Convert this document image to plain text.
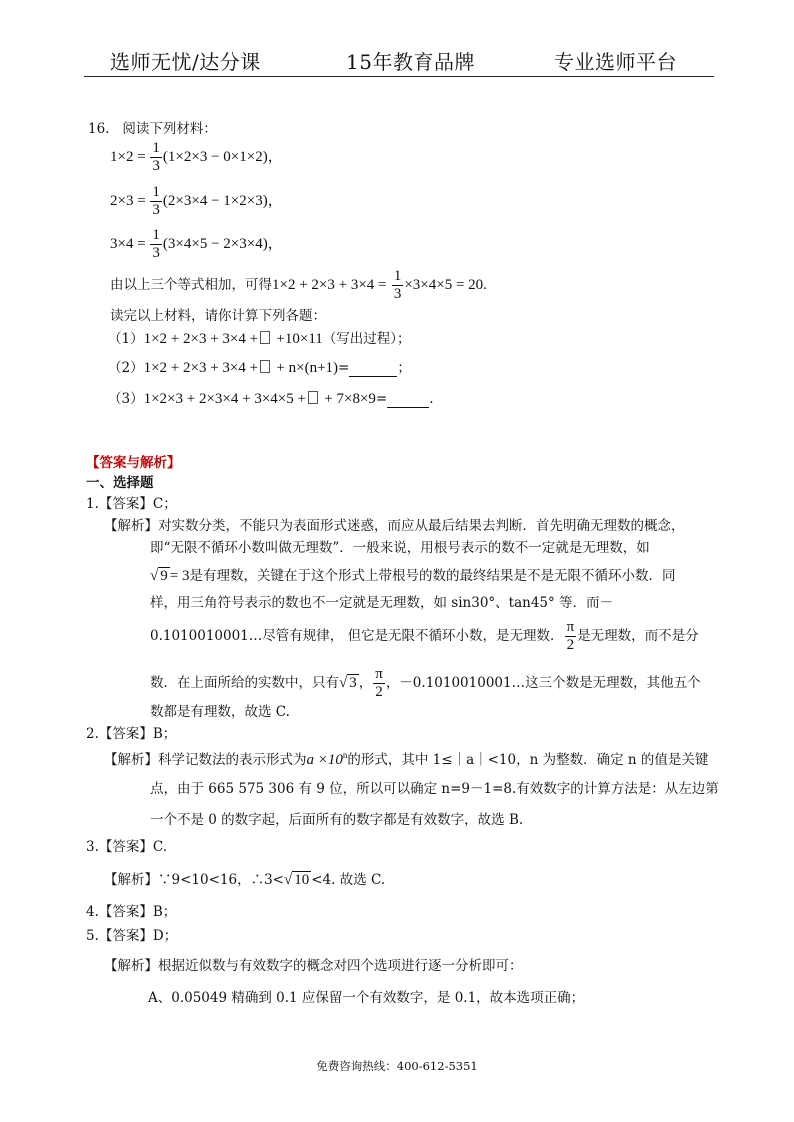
选师无忧/达分课	15年教育品牌	专业选师平台
16. 阅读下列材料：
$1\times 2 = \frac{1}{3} (1\times 2\times 3 - 0\times 1\times 2)$，
$2\times 3 = \frac{1}{3} (2\times 3\times 4 - 1\times 2\times 3)$，
$3\times 4 = \frac{1}{3} (3\times 4\times 5 - 2\times 3\times 4)$，
由以上三个等式相加，可得$1\times 2 + 2\times 3 + 3\times 4 = \frac{1}{3} \times 3\times 4\times 5 = 20$.
读完以上材料，请你计算下列各题：
（1）1×2 + 2×3 + 3×4 + +10×11（写出过程）；
（2）1×2 + 2×3 + 3×4 + + n×(n+1)=	；
（3）1×2×3 + 2×3×4 + 3×4×5 + + 7×8×9=	.
【答案与解析】
一、选择题
1.【答案】C；
【解析】对实数分类，不能只为表面形式迷惑，而应从最后结果去判断．首先明确无理数的概念，
即“无限不循环小数叫做无理数”．一般来说，用根号表示的数不一定就是无理数，如
√ 9 = 3是有理数，关键在于这个形式上带根号的数的最终结果是不是无限不循环小数．同
样，用三角符号表示的数也不一定就是无理数，如 sin30°、tan45° 等．而－
0.1010010001…尽管有规律， 但它是无限不循环小数，是无理数． $\frac{\pi}{2}$ 是无理数，而不是分
数．在上面所给的实数中，只有√ 3 ， $\frac{\pi}{2}$ ，－0.1010010001…这三个数是无理数，其他五个
数都是有理数，故选 C.
2.【答案】B；
【解析】科学记数法的表示形式为$a \times 10^n$的形式，其中 1≤｜a｜<10，n 为整数．确定 n 的值是关键
点，由于 665 575 306 有 9 位，所以可以确定 n=9－1=8.有效数字的计算方法是：从左边第
一个不是 0 的数字起，后面所有的数字都是有效数字，故选 B.
3.【答案】C.
【解析】∵9<10<16，∴3<√ 10 <4. 故选 C.
4.【答案】B；
5.【答案】D；
【解析】根据近似数与有效数字的概念对四个选项进行逐一分析即可：
A、0.05049 精确到 0.1 应保留一个有效数字，是 0.1，故本选项正确；
免费咨询热线：400-612-5351
